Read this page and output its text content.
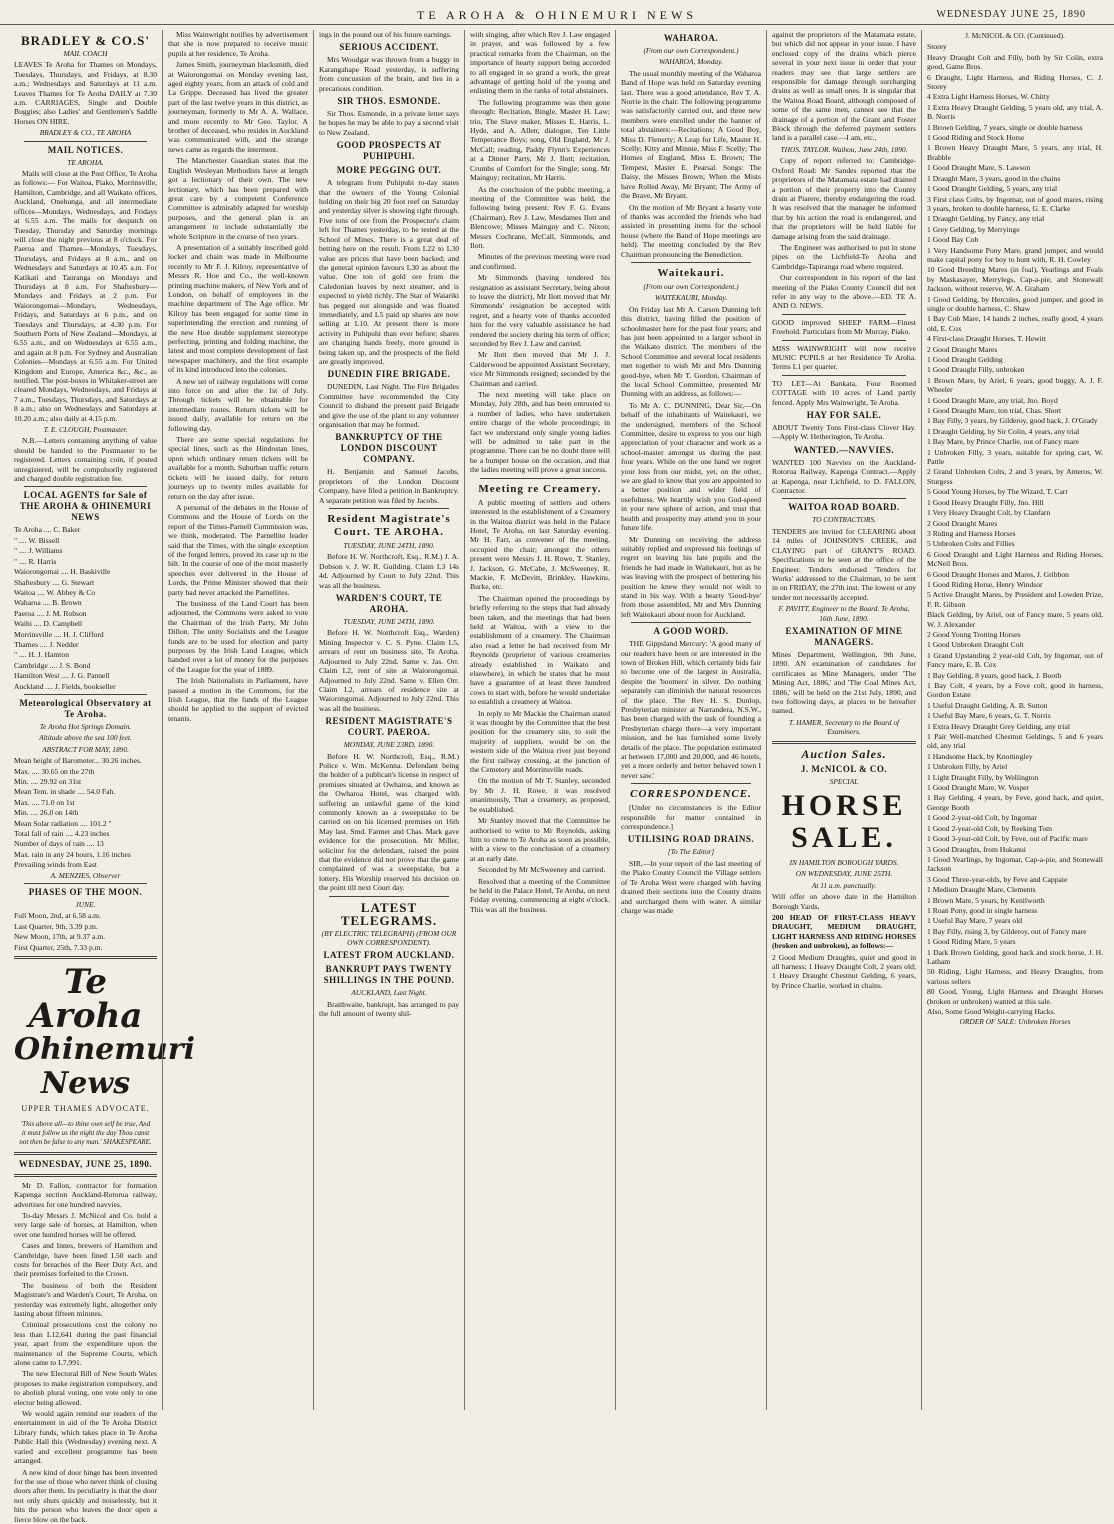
TE AROHA & OHINEMURI NEWS	WEDNESDAY JUNE 25, 1890
BRADLEY & CO.S'
MAIL COACH

LEAVES Te Aroha for Thames on Mondays, Tuesdays, Thursdays, and Fridays, at 8.30 a.m.; Wednesdays and Saturdays at 11 a.m. Leaves Thames for Te Aroha DAILY at 7.30 a.m. CARRIAGES, Single and Double Buggies; also Ladies' and Gentlemen's Saddle Horses ON HIRE.

BRADLEY & CO., TE AROHA
MAIL NOTICES.
TE AROHA.

Mails will close at the Post Office, Te Aroha as follows:— For Waitoa, Piako, Morrinsville, Hamilton, Cambridge, and all Waikato offices, Auckland, Onehunga, and all intermediate offices—Mondays, Wednesdays, and Fridays at 6.55 a.m. The mails for despatch on Tuesday, Thursday and Saturday mornings will close the night previous at 8 o'clock. For Paeroa and Thames—Mondays, Tuesdays, Thursdays, and Fridays at 8 a.m., and on Wednesdays and Saturdays at 10.45 a.m. For Katikati and Tauranga on Mondays and Thursdays at 8 a.m. For Shaftesbury—Mondays and Fridays at 2 p.m. For Waiorongomai—Mondays, Wednesdays, Fridays, and Saturdays at 6 p.m., and on Tuesdays and Thursdays, at 4.30 p.m. For Southern Ports of New Zealand—Mondays, at 6.55 a.m., and on Wednesdays at 6.55 a.m., and again at 8 p.m. For Sydney and Australian Colonies—Mondays at 6.55 a.m. For United Kingdom and Europe, America &c., &c., as notified. The post-boxes in Whitaker-street are cleared Mondays, Wednesdays, and Fridays at 7 a.m., Tuesdays, Thursdays, and Saturdays at 8 a.m.; also on Wednesdays and Saturdays at 10.20 a.m.; also daily at 4.15 p.m.

T. E. CLOUGH, Postmaster.

N.B.—Letters containing anything of value should be handed to the Postmaster to be registered. Letters containing coin, if posted unregistered, will be compulsorily registered and charged double registration fee.

LOCAL AGENTS for Sale of THE AROHA & OHINEMURI NEWS

Te Aroha .... C. Baker

" .... W. Bissell

" .... J. Williams

" .... R. Harris

Waiorongomai .... H. Baskiville

Shaftesbury .... G. Stewart

Waitoa .... W. Abbey & Co

Waharoa .... B. Brown

Paeroa .... J. M. Robson

Waihi .... D. Campbell

Morrinsville .... H. J. Clifford

Thames .... J. Nedder

" .... H. J. Hamton

Cambridge .... J. S. Bond

Hamilton West .... J. G. Pannell

Auckland .... J. Fields, bookseller

Meteorological Observatory at Te Aroha.
Te Aroha Hot Springs Domain.
Altitude above the sea 100 feet.
ABSTRACT FOR MAY, 1890.

Mean height of Barometer... 30.26 inches.

Max. .... 30.65 on the 27th

Min. .... 29.92 on 31st

Mean Tem. in shade .... 54.0 Fah.

Max. .... 71.0 on 1st

Min. .... 26.0 on 14th

Mean Solar radiation .... 101.2 "

Total fall of rain .... 4.23 inches

Number of days of rain .... 13

Max. rain in any 24 hours, 1.16 inches

Prevailing winds from East

A. MENZIES, Observer
PHASES OF THE MOON.
JUNE.

Full Moon, 2nd, at 6.58 a.m.

Last Quarter, 9th, 3.39 p.m.

New Moon, 17th, at 9.37 a.m.

First Quarter, 25th, 7.33 p.m.

Te Aroha
Ohinemuri News
UPPER THAMES ADVOCATE.
'This above all—to thine own self be true, And it must follow as the night the day Thou canst not then be false to any man.' SHAKESPEARE.
WEDNESDAY, JUNE 25, 1890.

Mr D. Fallon, contractor for formation Kapenga section Auckland-Rotorua railway, advertises for one hundred navvies.

To-day Messrs J. McNicol and Co. hold a very large sale of horses, at Hamilton, when over one hundred horses will be offered.

Cases and Innes, brewers of Hamilton and Cambridge, have been fined L50 each and costs for breaches of the Beer Duty Act, and their premises forfeited to the Crown.

The business of both the Resident Magistrate's and Warden's Court, Te Aroha, on yesterday was extremely light, altogether only lasting about fifteen minutes.

Criminal prosecutions cost the colony no less than L12,641 during the past financial year, apart from the expenditure upon the maintenance of the Supreme Courts, which alone came to L7,991.

The new Electoral Bill of New South Wales proposes to make registration compulsory, and to abolish plural voting, one vote only to one elector being allowed.

We would again remind our readers of the entertainment in aid of the Te Aroha District Library funds, which takes place in Te Aroha Public Hall this (Wednesday) evening next. A varied and excellent programme has been arranged.

A new kind of door hinge has been invented for the use of those who never think of closing doors after them. Its peculiarity is that the door not only shuts quickly and noiselessly, but it hits the person who leaves the door open a fierce blow on the back.

Miss Wainwright notifies by advertisement that she is now prepared to receive music pupils at her residence, Te Aroha.

James Smith, journeyman blacksmith, died at Waiorongomai on Monday evening last, aged eighty years, from an attack of cold and La Grippe. Deceased has lived the greater part of the last twelve years in this district, as journeyman, formerly to Mr A. A. Wallace, and more recently to Mr Geo. Taylor. A brother of deceased, who resides in Auckland was communicated with, and the strange news came as regards the interment.

The Manchester Guardian states that the English Wesleyan Methodists have at length got a lectionary of their own. The new lectionary, which has been prepared with great care by a competent Conference Committee is admirably adapted for worship purposes, and the general plan is an arrangement to include substantially the whole Scripture in the course of two years.

A presentation of a suitably inscribed gold locket and chain was made in Melbourne recently to Mr F. J. Kilroy, representative of Messrs R. Hoe and Co., the well-known printing machine makers, of New York and of London, on behalf of employees in the machine department of The Age office. Mr Kilroy has been engaged for some time in superintending the erection and running of the new Hoe double supplement stereotype perfecting, printing and folding machine, the latest and most complete development of fast newspaper machinery, and the first example of its kind introduced into the colonies.

A new set of railway regulations will come into force on and after the 1st of July. Through tickets will be obtainable for intermediate routes. Return tickets will be issued daily, available for return on the following day.

There are some special regulations for special lines, such as the Hindostan lines, upon which ordinary return tickets will be available for a month. Suburban traffic return tickets will be issued daily, for return journeys up to twenty miles available for return on the day after issue.

A personal of the debates in the House of Commons and the House of Lords on the report of the Times-Parnell Commission was, we think, moderated. The Parnellite leader said that the Times, with the single exception of the forged letters, proved its case up to the hilt. In the course of one of the most masterly speeches ever delivered in the House of Lords, the Prime Minister showed that their party had never attacked the Parnellites.

The business of the Land Court has been adjourned, the Commons were asked to vote the Chairman of the Irish Party, Mr John Dillon. The unity Socialists and the League funds are to be used for election and party purposes by the Irish Land League, which handed over a lot of money for the purposes of the League for the year of 1889.

The Irish Nationalists in Parliament, have passed a motion in the Commons, for the Irish League, that the funds of the League should be applied to the support of evicted tenants.

ings in the pound out of his future earnings.

SERIOUS ACCIDENT.

Mrs Woodgar was thrown from a buggy in Karangahape Road yesterday, is suffering from concussion of the brain, and lies in a precarious condition.

SIR THOS. ESMONDE.

Sir Thos. Esmonde, in a private letter says he hopes he may be able to pay a second visit to New Zealand.

GOOD PROSPECTS AT PUHIPUHI.
MORE PEGGING OUT.

A telegram from Puhipuhi to-day states that the owners of the Young Colonial holding on their big 20 foot reef on Saturday and yesterday silver is showing right through. Five tons of ore from the Prospector's claim left for Thames yesterday, to be tested at the School of Mines. There is a great deal of betting here on the result. From L22 to L30 value are prices that have been backed; and the general opinion favours L30 as about the value. One ton of gold ore from the Caledonian leaves by next steamer, and is expected to yield richly. The Star of Waiariki has pegged out alongside and was floated immediately, and L5 paid up shares are now selling at L10. At present there is more activity in Puhipuhi than ever before; shares are changing hands freely, more ground is being taken up, and the prospects of the field are greatly improved.

DUNEDIN FIRE BRIGADE.

DUNEDIN, Last Night. The Fire Brigades Committee have recommended the City Council to disband the present paid Brigade and give the use of the plant to any volunteer organisation that may be formed.

BANKRUPTCY OF THE LONDON DISCOUNT COMPANY.

H. Benjamin and Samuel Jacobs, proprietors of the London Discount Company, have filed a petition in Bankruptcy. A separate petition was filed by Jacobs.

Resident Magistrate's Court. TE AROHA.
TUESDAY, JUNE 24TH, 1890.

Before H. W. Northcroft, Esq., R.M.) J. A. Dobson v. J. W. R. Guilding. Claim L3 14s 4d. Adjourned by Court to July 22nd. This was all the business.

WARDEN'S COURT, TE AROHA.
TUESDAY, JUNE 24TH, 1890.

Before H. W. Northcroft Esq., Warden) Mining Inspector v. C. S. Pyne. Claim L5, arrears of rent on business site, Te Aroha. Adjourned to July 22nd. Same v. Jas. Orr. Claim L2, rent of site at Waiorongomai. Adjourned to July 22nd. Same v. Ellen Orr. Claim L2, arrears of residence site at Waiorongomai. Adjourned to July 22nd. This was all the business.

RESIDENT MAGISTRATE'S COURT. PAEROA.
MONDAY, JUNE 23RD, 1890.

Before H. W. Northcroft, Esq., R.M.) Police v. Wm. McKenna. Defendant being the holder of a publican's license in respect of premises situated at Owharoa, and known as the Owharoa Hotel, was charged with suffering an unlawful game of the kind commonly known as a sweepstake to be carried on on his licensed premises on 16th May last. Smd. Farmer and Chas. Mark gave evidence for the prosecution. Mr Miller, solicitor for the defendant, raised the point that the evidence did not prove that the game complained of was a sweepstake, but a lottery. His Worship reserved his decision on the point till next Court day.

LATEST TELEGRAMS.
(BY ELECTRIC TELEGRAPH) (FROM OUR OWN CORRESPONDENT).
LATEST FROM AUCKLAND.
BANKRUPT PAYS TWENTY SHILLINGS IN THE POUND.
AUCKLAND, Last Night.

Braithwaite, bankrupt, has arranged to pay the full amount of twenty shil-

with singing, after which Rev J. Law engaged in prayer, and was followed by a few practical remarks from the Chairman, on the importance of hearty support being accorded to all engaged in so grand a work, the great advantage of getting hold of the young and enlisting them in the ranks of total abstainers.

The following programme was then gone through: Recitation, Bingle, Master H. Law; trio, The Slave maker, Misses E. Harris, L. Hyde, and A. Allen; dialogue, Ten Little Temperance Boys; song, Old England, Mr J. McCall; reading, Paddy Flynn's Experiences at a Dinner Party, Mr J. Ilott; recitation, Crumbs of Comfort for the Single; song, Mr Mainguy; recitation, Mr Harris.

As the conclusion of the public meeting, a meeting of the Committee was held, the following being present: Rev F. G. Evans (Chairman), Rev J. Law, Mesdames Ilott and Blencowe; Misses Mainguy and C. Nixon; Messrs Cochrane, McCall, Simmonds, and Ilott.

Minutes of the previous meeting were read and confirmed.

Mr Simmonds (having tendered his resignation as assistant Secretary, being about to leave the district), Mr Ilott moved that Mr Simmonds' resignation be accepted with regret, and a hearty vote of thanks accorded him for the very valuable assistance he had rendered the society during his term of office; seconded by Rev J. Law and carried.

Mr Ilott then moved that Mr J. J. Calderwood be appointed Assistant Secretary, vice Mr Simmonds resigned; seconded by the Chairman and carried.

The next meeting will take place on Monday, July 28th, and has been entrusted to a number of ladies, who have undertaken entire charge of the whole proceedings; in fact we understand only single young ladies will be admitted to take part in the programme. There can be no doubt there will be a bumper house on the occasion, and that the ladies meeting will prove a great success.

Meeting re Creamery.

A public meeting of settlers and others interested in the establishment of a Creamery in the Waitoa district was held in the Palace Hotel, Te Aroha, on last Saturday evening. Mr H. Farr, as convener of the meeting, occupied the chair; amongst the others present were Messrs J. H. Rowe, T. Stanley, J. Jackson, G. McCabe, J. McSweeney, R. Mackie, F. McDevitt, Brinkley, Hawkins, Burke, etc.

The Chairman opened the proceedings by briefly referring to the steps that had already been taken, and the meetings that had been held at Waitoa, with a view to the establishment of a creamery. The Chairman also read a letter he had received from Mr Reynolds (proprietor of various creameries already established in Waikato and elsewhere), in which he states that he must have a guarantee of at least three hundred cows to start with, before he would undertake to establish a creamery at Waitoa.

In reply to Mr Mackie the Chairman stated it was thought by the Committee that the best position for the creamery site, to suit the majority of suppliers, would be on the western side of the Waitoa river just beyond the first railway crossing, at the junction of the Cemetery and Morrinsville roads.

On the motion of Mr T. Stanley, seconded by Mr J. H. Rowe, it was resolved unanimously, That a creamery, as proposed, be established.

Mr Stanley moved that the Committee be authorised to write to Mr Reynolds, asking him to come to Te Aroha as soon as possible, with a view to the conclusion of a creamery at an early date.

Seconded by Mr McSweeney and carried.

Resolved that a meeting of the Committee be held in the Palace Hotel, Te Aroha, on next Friday evening, commencing at eight o'clock. This was all the business.

WAHAROA.
(From our own Correspondent.)
WAHAROA, Monday.

The usual monthly meeting of the Waharoa Band of Hope was held on Saturday evening last. There was a good attendance, Rev T. A. Norrie in the chair. The following programme was satisfactorily carried out, and three new members were enrolled under the banner of total abstainers:—Recitations; A Good Boy, Miss D. Flenerty; A Leap for Life, Master H. Scelly; Kitty and Minnie, Miss F. Scelly; The Homes of England, Miss E. Brown; The Tempest, Master E. Pearsal. Songs: The Daisy, the Misses Brown; When the Mists have Rolled Away, Mr Bryant; The Army of the Brave, Mr Bryant.

On the motion of Mr Bryant a hearty vote of thanks was accorded the friends who had assisted in presenting items for the school house (where the Band of Hope meetings are held). The meeting concluded by the Rev Chairman pronouncing the Benediction.

Waitekauri.
(From our own Correspondent.)
WAITEKAURI, Monday.

On Friday last Mr A. Carson Dunning left this district, having filled the position of schoolmaster here for the past four years; and has just been appointed to a larger school in the Waikato district. The members of the School Committee and several local residents met together to wish Mr and Mrs Dunning good-bye, when Mr T. Gordon, Chairman of the local School Committee, presented Mr Dunning with an address, as follows:—

To Mr A. C. DUNNING, Dear Sir,—On behalf of the inhabitants of Waitekauri, we the undersigned, members of the School Committee, desire to express to you our high appreciation of your character and work as a school-master amongst us during the past four years. While on the one hand we regret your loss from our midst, yet, on the other, we are glad to know that you are appointed to a better position and wider field of usefulness. We heartily wish you God-speed in your new sphere of action, and trust that health and prosperity may attend you in your future life.

Mr Dunning on receiving the address suitably replied and expressed his feelings of regret on leaving his late pupils and the friends he had made in Waitekauri, but as he was leaving with the prospect of bettering his position he knew they would not wish to stand in his way. With a hearty 'Good-bye' from those assembled, Mr and Mrs Dunning left Waitekauri about noon for Auckland.

A GOOD WORD.

THE Gippsland Mercury: 'A good many of our readers have been or are interested in the town of Broken Hill, which certainly bids fair to become one of the largest in Australia, despite the 'boomers' in silver. Do nothing separately can diminish the natural resources of the place. The Rev H. S. Dunlop, Presbyterian minister at Narrandera, N.S.W., has been charged with the task of founding a Presbyterian charge there—a very important mission, and he has furnished some lively details of the place. The population estimated at between 17,000 and 20,000, and 46 hotels, yet a more orderly and better behaved town I never saw.'

CORRESPONDENCE.

[Under no circumstances is the Editor responsible for matter contained in correspondence.]

UTILISING ROAD DRAINS.
[To The Editor]

SIR,—In your report of the last meeting of the Piako County Council the Village settlers of Te Aroha West were charged with having drained their sections into the County drains and surcharged them with water. A similar charge was made

against the proprietors of the Matamata estate, but which did not appear in your issue. I have enclosed copy of the drains which pierce several in your next issue in order that your readers may see that large settlers are responsible for damage through surcharging drains as well as small ones. It is singular that the Waitoa Road Board, although composed of some of the same men, cannot see that the drainage of a portion of the Grant and Foster Block through the deferred payment settlers land is a parallel case.—I am, etc.,

THOS. TAYLOR. Waihou, June 24th, 1890.

Copy of report referred to: Cambridge-Oxford Road: Mr Sandes reported that the proprietors of the Matamata estate had drained a portion of their property into the County drain at Piarere, thereby endangering the road. It was resolved that the manager be informed that by his action the road is endangered, and that the proprietors will be held liable for damage arising from the said drainage.

The Engineer was authorised to put in stone pipes on the Lichfield-Te Aroha and Cambridge-Tapiranga road where required.

Our correspondent in his report of the last meeting of the Piako County Council did not refer in any way to the above.—ED. TE A. AND O. NEWS.

GOOD improved SHEEP FARM—Finest Freehold. Particulars from Mr Murray, Piako.

MISS WAINWRIGHT will now receive MUSIC PUPILS at her Residence Te Aroha. Terms L1 per quarter.

TO LET—At Bankata, Four Roomed COTTAGE with 10 acres of Land partly fenced. Apply Mrs Wainwright, Te Aroha.

HAY FOR SALE.

ABOUT Twenty Tons First-class Clover Hay.—Apply W. Hetherington, Te Aroha.

WANTED.—NAVVIES.

WANTED 100 Navvies on the Auckland-Rotorua Railway, Kapenga Contract.—Apply at Kapenga, near Lichfield, to D. FALLON, Contractor.

WAITOA ROAD BOARD.
TO CONTRACTORS.

TENDERS are invited for CLEARING about 14 miles of JOHNSON'S CREEK, and CLAYING part of GRANT'S ROAD. Specifications to be seen at the office of the Engineer. Tenders endorsed 'Tenders for Works' addressed to the Chairman, to be sent in on FRIDAY, the 27th inst. The lowest or any tender not necessarily accepted.

F. PAVITT, Engineer to the Board. Te Aroha, 16th June, 1890.
EXAMINATION OF MINE MANAGERS.

Mines Department, Wellington, 9th June, 1890. AN examination of candidates for certificates as Mine Managers, under 'The Mining Act, 1886,' and 'The Coal Mines Act, 1886,' will be held on the 21st July, 1890, and two following days, at places to be hereafter named.

T. HAMER, Secretary to the Board of Examiners.
Auction Sales.
J. McNICOL & CO.
SPECIAL
HORSE SALE.
IN HAMILTON BOROUGH YARDS.
ON WEDNESDAY, JUNE 25TH.
At 11 a.m. punctually.

Will offer on above date in the Hamilton Borough Yards,

200 HEAD OF FIRST-CLASS HEAVY DRAUGHT, MEDIUM DRAUGHT, LIGHT HARNESS AND RIDING HORSES (broken and unbroken), as follows:—

2 Good Medium Draughts, quiet and good in all harness; 1 Heavy Draught Colt, 2 years old; 1 Heavy Draught Chestnut Gelding, 6 years, by Prince Charlie, worked in chains.

J. McNICOL & CO. (Continued).

Storey

Heavy Draught Colt and Filly, both by Sir Colin, extra good, Game Bros.

6 Draught, Light Harness, and Riding Horses, C. J. Storey

4 Extra Light Harness Horses, W. Chitty

1 Extra Heavy Draught Gelding, 5 years old, any trial, A. B. Norris

1 Brown Gelding, 7 years, single or double harness

1 Good Riding and Stock Horse

1 Brown Heavy Draught Mare, 5 years, any trial, H. Brabble

1 Good Draught Mare, S. Lawson

1 Draught Mare, 3 years, good in the chains

1 Good Draught Gelding, 5 years, any trial

3 First class Colts, by Ingomar, out of good mares, rising 3 years, broken to double harness, G. E. Clarke

1 Draught Gelding, by Fancy, any trial

1 Grey Gelding, by Merryinge

1 Good Bay Cob

1 Very Handsome Pony Mare, grand jumper, and would make capital pony for boy to hunt with, R. H. Cowley

10 Good Breeding Mares (in foal), Yearlings and Foals by Maskasayer, Merrylegs, Cap-a-pie, and Stonewall Jackson, without reserve, W. A. Graham

1 Good Gelding, by Hercules, good jumper, and good in single or double harness, C. Shaw

1 Bay Cob Mare, 14 hands 2 inches, really good, 4 years old, E. Cox

4 First-class Draught Horses, T. Hewitt

2 Good Draught Mares

1 Good Draught Gelding

1 Good Draught Filly, unbroken

1 Brown Mare, by Ariel, 6 years, good buggy, A. J. F. Wheeler

1 Good Draught Mare, any trial, Jno. Boyd

1 Good Draught Mare, ton trial, Chas. Short

1 Bay Filly, 3 years, by Gilderoy, good hack, J. O'Grady

1 Draught Gelding, by Sir Colin, 4 years, any trial

1 Bay Mare, by Prince Charlie, out of Fancy mare

1 Unbroken Filly, 3 years, suitable for spring cart, W. Pattle

2 Grand Unbroken Colts, 2 and 3 years, by Anteros, W. Sturgess

5 Good Young Horses, by The Wizard, T. Carr

1 Good Heavy Draught Filly, Jno. Hill

1 Very Heavy Draught Colt, by Clanfarn

2 Good Draught Mares

3 Riding and Harness Horses

5 Unbroken Colts and Fillies

6 Good Draught and Light Harness and Riding Horses, McNeil Bros.

6 Good Draught Horses and Mares, J. Gribbon

1 Good Riding Horse, Henry Windsor

5 Active Draught Mares, by President and Lowden Prize, F. R. Gibson

Black Gelding, by Ariel, out of Fancy mare, 5 years old, W. J. Alexander

2 Good Young Trotting Horses

1 Good Unbroken Draught Colt

1 Grand Upstanding 2 year-old Colt, by Ingomar, out of Fancy mare, E. B. Cox

1 Bay Gelding, 8 years, good hack, J. Booth

1 Bay Colt, 4 years, by a Fove colt, good in harness, Gordon Estate

1 Useful Draught Gelding, A. B. Sutton

1 Useful Bay Mare, 6 years, G. T. Norris

1 Extra Heavy Draught Grey Gelding, any trial

1 Pair Well-matched Chestnut Geldings, 5 and 6 years old, any trial

1 Handsome Hack, by Knottingley

1 Unbroken Filly, by Ariel

1 Light Draught Filly, by Wellington

1 Good Draught Mare, W. Vosper

1 Bay Gelding, 4 years, by Feve, good hack, and quiet, George Booth

1 Good 2-year-old Colt, by Ingomar

1 Good 2-year-old Colt, by Reeking Tom

1 Good 3-year-old Colt, by Feve, out of Pacific mare

3 Good Draughts, from Hukanui

1 Good Yearlings, by Ingomar, Cap-a-pie, and Stonewall Jackson

3 Good Three-year-olds, by Feve and Cappaie

1 Medium Draught Mare, Clements

1 Brown Mare, 5 years, by Kenilworth

1 Roan Pony, good in single harness

1 Useful Bay Mare, 7 years old

1 Bay Filly, rising 3, by Gilderoy, out of Fancy mare

1 Good Riding Mare, 5 years

1 Dark Brown Gelding, good hack and stock horse, J. H. Latham

50 Riding, Light Harness, and Heavy Draughts, from various sellers

80 Good, Young, Light Harness and Draught Horses (broken or unbroken) wanted at this sale.

Also, Some Good Weight-carrying Hacks.

ORDER OF SALE: Unbroken Horses
